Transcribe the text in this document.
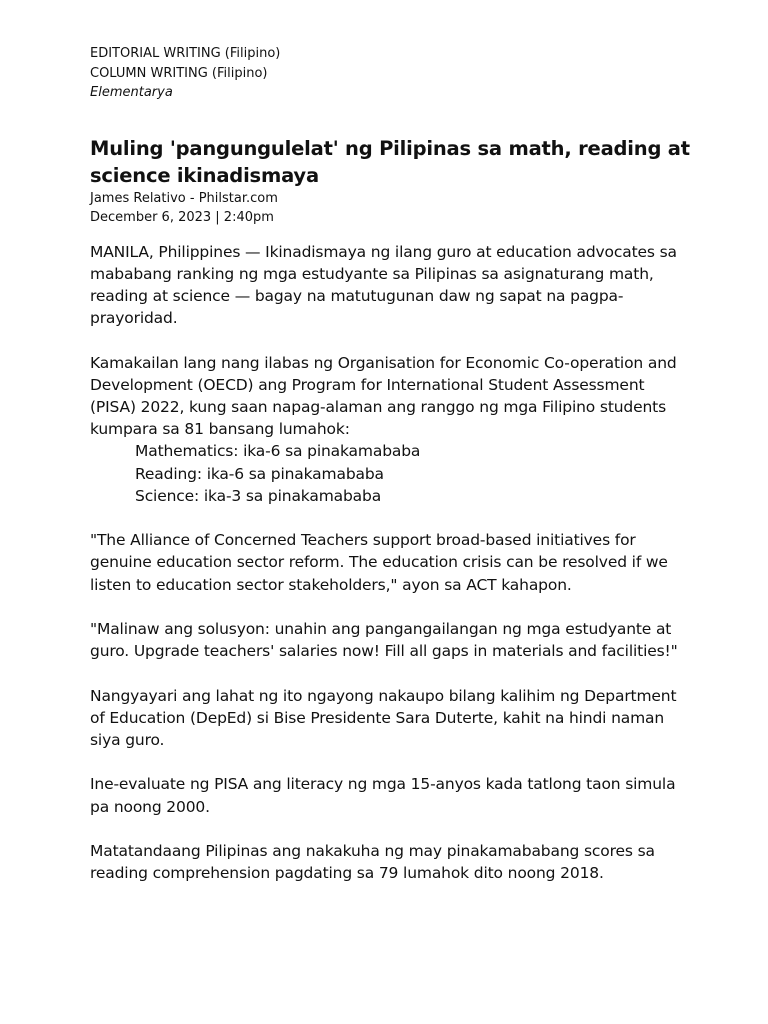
EDITORIAL WRITING (Filipino)

COLUMN WRITING (Filipino)

Elementarya

Muling 'pangungulelat' ng Pilipinas sa math, reading at science ikinadismaya

James Relativo - Philstar.com

December 6, 2023 | 2:40pm

MANILA, Philippines — Ikinadismaya ng ilang guro at education advocates sa mababang ranking ng mga estudyante sa Pilipinas sa asignaturang math, reading at science — bagay na matutugunan daw ng sapat na pagpa-prayoridad.

Kamakailan lang nang ilabas ng Organisation for Economic Co-operation and Development (OECD) ang Program for International Student Assessment (PISA) 2022, kung saan napag-alaman ang ranggo ng mga Filipino students kumpara sa 81 bansang lumahok:

Mathematics: ika-6 sa pinakamababa
Reading: ika-6 sa pinakamababa
Science: ika-3 sa pinakamababa

"The Alliance of Concerned Teachers support broad-based initiatives for genuine education sector reform. The education crisis can be resolved if we listen to education sector stakeholders," ayon sa ACT kahapon.

"Malinaw ang solusyon: unahin ang pangangailangan ng mga estudyante at guro. Upgrade teachers' salaries now! Fill all gaps in materials and facilities!"

Nangyayari ang lahat ng ito ngayong nakaupo bilang kalihim ng Department of Education (DepEd) si Bise Presidente Sara Duterte, kahit na hindi naman siya guro.

Ine-evaluate ng PISA ang literacy ng mga 15-anyos kada tatlong taon simula pa noong 2000.

Matatandaang Pilipinas ang nakakuha ng may pinakamababang scores sa reading comprehension pagdating sa 79 lumahok dito noong 2018.
